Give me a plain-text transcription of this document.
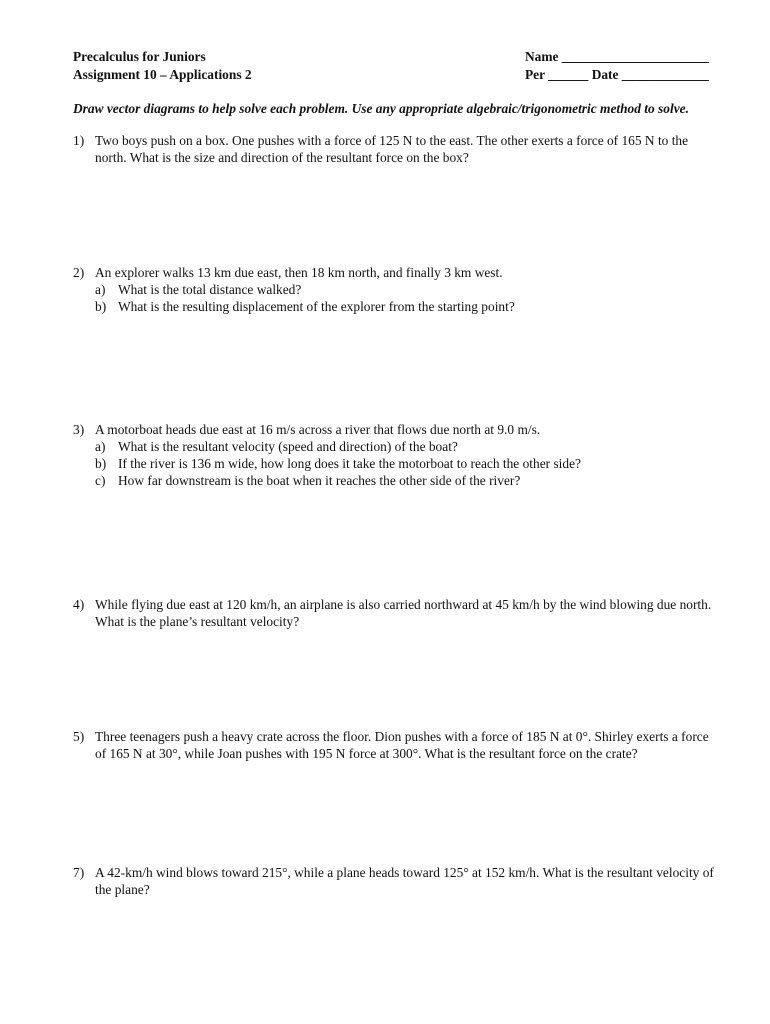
Precalculus for Juniors
Assignment 10 – Applications 2
Name ______________________
Per ______ Date _____________
Draw vector diagrams to help solve each problem. Use any appropriate algebraic/trigonometric method to solve.
1) Two boys push on a box. One pushes with a force of 125 N to the east. The other exerts a force of 165 N to the north. What is the size and direction of the resultant force on the box?
2) An explorer walks 13 km due east, then 18 km north, and finally 3 km west.
a) What is the total distance walked?
b) What is the resulting displacement of the explorer from the starting point?
3) A motorboat heads due east at 16 m/s across a river that flows due north at 9.0 m/s.
a) What is the resultant velocity (speed and direction) of the boat?
b) If the river is 136 m wide, how long does it take the motorboat to reach the other side?
c) How far downstream is the boat when it reaches the other side of the river?
4) While flying due east at 120 km/h, an airplane is also carried northward at 45 km/h by the wind blowing due north. What is the plane’s resultant velocity?
5) Three teenagers push a heavy crate across the floor. Dion pushes with a force of 185 N at 0°. Shirley exerts a force of 165 N at 30°, while Joan pushes with 195 N force at 300°. What is the resultant force on the crate?
7) A 42-km/h wind blows toward 215°, while a plane heads toward 125° at 152 km/h. What is the resultant velocity of the plane?
